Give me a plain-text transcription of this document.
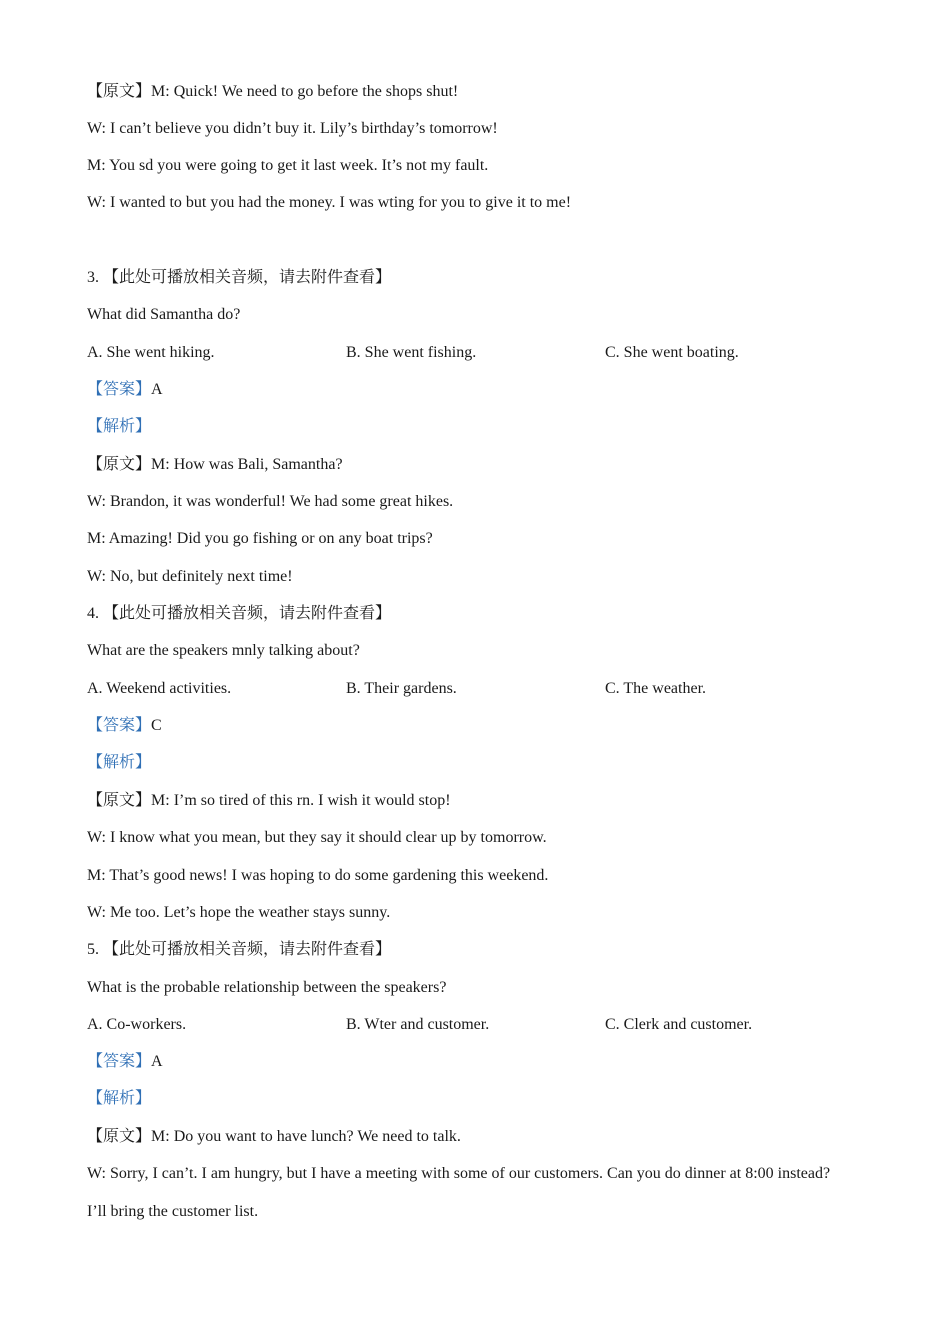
【原文】M: Quick! We need to go before the shops shut!
W: I can’t believe you didn’t buy it. Lily’s birthday’s tomorrow!
M: You sd you were going to get it last week. It’s not my fault.
W: I wanted to but you had the money. I was wting for you to give it to me!
3. 【此处可播放相关音频，请去附件查看】
What did Samantha do?
A. She went hiking.	B. She went fishing.	C. She went boating.
【答案】A
【解析】
【原文】M: How was Bali, Samantha?
W: Brandon, it was wonderful! We had some great hikes.
M: Amazing! Did you go fishing or on any boat trips?
W: No, but definitely next time!
4. 【此处可播放相关音频，请去附件查看】
What are the speakers mnly talking about?
A. Weekend activities.	B. Their gardens.	C. The weather.
【答案】C
【解析】
【原文】M: I’m so tired of this rn. I wish it would stop!
W: I know what you mean, but they say it should clear up by tomorrow.
M: That’s good news! I was hoping to do some gardening this weekend.
W: Me too. Let’s hope the weather stays sunny.
5. 【此处可播放相关音频，请去附件查看】
What is the probable relationship between the speakers?
A. Co-workers.	B. Wter and customer.	C. Clerk and customer.
【答案】A
【解析】
【原文】M: Do you want to have lunch? We need to talk.
W: Sorry, I can’t. I am hungry, but I have a meeting with some of our customers. Can you do dinner at 8:00 instead?
I’ll bring the customer list.
